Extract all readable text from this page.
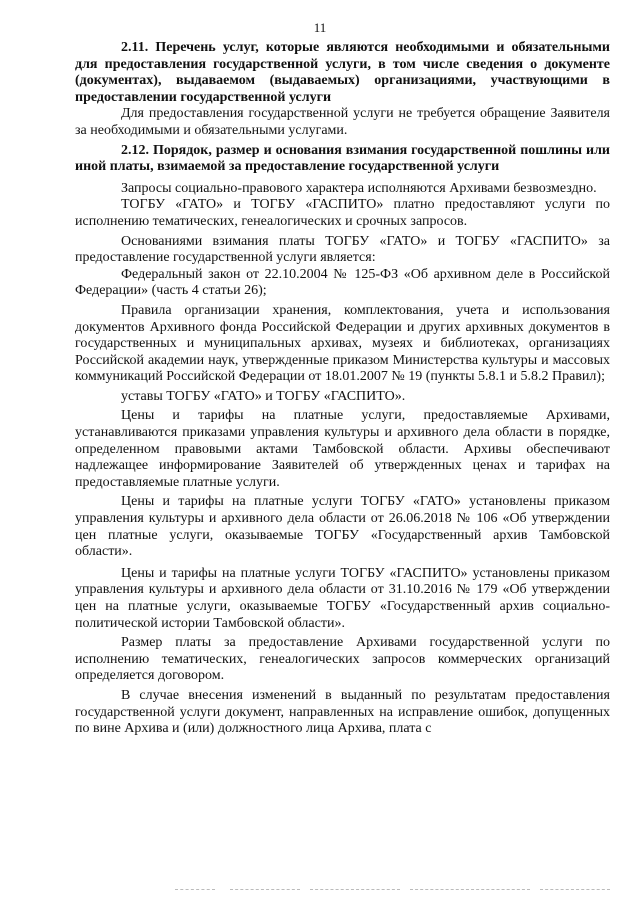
11

2.11. Перечень услуг, которые являются необходимыми и обязательными для предоставления государственной услуги, в том числе сведения о документе (документах), выдаваемом (выдаваемых) организациями, участвующими в предоставлении государственной услуги

Для предоставления государственной услуги не требуется обращение Заявителя за необходимыми и обязательными услугами.

2.12. Порядок, размер и основания взимания государственной пошлины или иной платы, взимаемой за предоставление государственной услуги

Запросы социально-правового характера исполняются Архивами безвозмездно.

ТОГБУ «ГАТО» и ТОГБУ «ГАСПИТО» платно предоставляют услуги по исполнению тематических, генеалогических и срочных запросов.

Основаниями взимания платы ТОГБУ «ГАТО» и ТОГБУ «ГАСПИТО» за предоставление государственной услуги является:

Федеральный закон от 22.10.2004 № 125-ФЗ «Об архивном деле в Российской Федерации» (часть 4 статьи 26);

Правила организации хранения, комплектования, учета и использования документов Архивного фонда Российской Федерации и других архивных документов в государственных и муниципальных архивах, музеях и библиотеках, организациях Российской академии наук, утвержденные приказом Министерства культуры и массовых коммуникаций Российской Федерации от 18.01.2007 № 19 (пункты 5.8.1 и 5.8.2 Правил);

уставы ТОГБУ «ГАТО» и ТОГБУ «ГАСПИТО».

Цены и тарифы на платные услуги, предоставляемые Архивами, устанавливаются приказами управления культуры и архивного дела области в порядке, определенном правовыми актами Тамбовской области. Архивы обеспечивают надлежащее информирование Заявителей об утвержденных ценах и тарифах на предоставляемые платные услуги.

Цены и тарифы на платные услуги ТОГБУ «ГАТО» установлены приказом управления культуры и архивного дела области от 26.06.2018 № 106 «Об утверждении цен платные услуги, оказываемые ТОГБУ «Государственный архив Тамбовской области».

Цены и тарифы на платные услуги ТОГБУ «ГАСПИТО» установлены приказом управления культуры и архивного дела области от 31.10.2016 № 179 «Об утверждении цен на платные услуги, оказываемые ТОГБУ «Государственный архив социально-политической истории Тамбовской области».

Размер платы за предоставление Архивами государственной услуги по исполнению тематических, генеалогических запросов коммерческих организаций определяется договором.

В случае внесения изменений в выданный по результатам предоставления государственной услуги документ, направленных на исправление ошибок, допущенных по вине Архива и (или) должностного лица Архива, плата с
